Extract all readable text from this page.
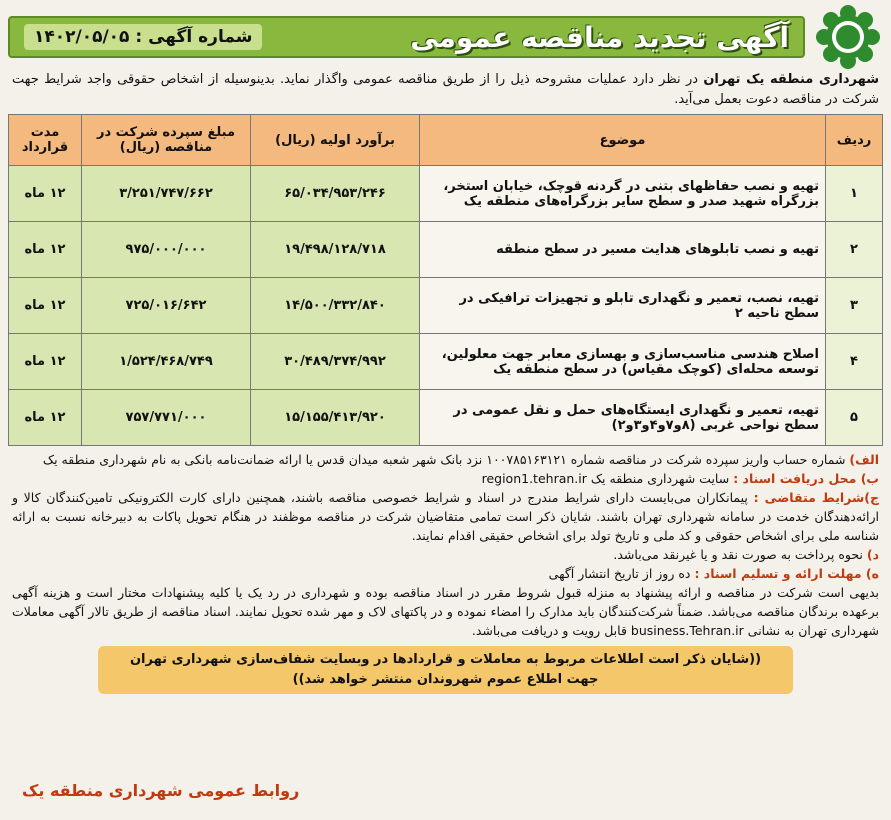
آگهی تجدید مناقصه عمومی
شماره آگهی : ۱۴۰۲/۰۵/۰۵
شهرداری منطقه یک تهران در نظر دارد عملیات مشروحه ذیل را از طریق مناقصه عمومی واگذار نماید. بدینوسیله از اشخاص حقوقی واجد شرایط جهت شرکت در مناقصه دعوت بعمل می‌آید.
ردیف	موضوع	برآورد اولیه (ریال)	مبلغ سپرده شرکت در مناقصه (ریال)	مدت قرارداد
۱	تهیه و نصب حفاظهای بتنی در گردنه قوچک، خیابان استخر، بزرگراه شهید صدر و سطح سایر بزرگراه‌های منطقه یک	۶۵/۰۳۴/۹۵۳/۲۴۶	۳/۲۵۱/۷۴۷/۶۶۲	۱۲ ماه
۲	تهیه و نصب تابلوهای هدایت مسیر در سطح منطقه	۱۹/۴۹۸/۱۲۸/۷۱۸	۹۷۵/۰۰۰/۰۰۰	۱۲ ماه
۳	تهیه، نصب، تعمیر و نگهداری تابلو و تجهیزات ترافیکی در سطح ناحیه ۲	۱۴/۵۰۰/۳۳۲/۸۴۰	۷۲۵/۰۱۶/۶۴۲	۱۲ ماه
۴	اصلاح هندسی مناسب‌سازی و بهسازی معابر جهت معلولین، توسعه محله‌ای (کوچک مقیاس) در سطح منطقه یک	۳۰/۴۸۹/۳۷۴/۹۹۲	۱/۵۲۴/۴۶۸/۷۴۹	۱۲ ماه
۵	تهیه، تعمیر و نگهداری ایستگاه‌های حمل و نقل عمومی در سطح نواحی غربی (۸و۷و۴و۳و۲)	۱۵/۱۵۵/۴۱۳/۹۲۰	۷۵۷/۷۷۱/۰۰۰	۱۲ ماه
الف) شماره حساب واریز سپرده شرکت در مناقصه شماره ۱۰۰۷۸۵۱۶۳۱۲۱ نزد بانک شهر شعبه میدان قدس یا ارائه ضمانت‌نامه بانکی به نام شهرداری منطقه یک
ب) محل دریافت اسناد : سایت شهرداری منطقه یک region1.tehran.ir
ج)شرایط متقاضی : پیمانکاران می‌بایست دارای شرایط مندرج در اسناد و شرایط خصوصی مناقصه باشند، همچنین دارای کارت الکترونیکی تامین‌کنندگان کالا و ارائه‌دهندگان خدمت در سامانه شهرداری تهران باشند. شایان ذکر است تمامی متقاضیان شرکت در مناقصه موظفند در هنگام تحویل پاکات به دبیرخانه نسبت به ارائه شناسه ملی برای اشخاص حقوقی و کد ملی و تاریخ تولد برای اشخاص حقیقی اقدام نمایند.
د) نحوه پرداخت به صورت نقد و یا غیرنقد می‌باشد.
ه) مهلت ارائه و تسلیم اسناد : ده روز از تاریخ انتشار آگهی
بدیهی است شرکت در مناقصه و ارائه پیشنهاد به منزله قبول شروط مقرر در اسناد مناقصه بوده و شهرداری در رد یک یا کلیه پیشنهادات مختار است و هزینه آگهی برعهده برندگان مناقصه می‌باشد. ضمناً شرکت‌کنندگان باید مدارک را امضاء نموده و در پاکتهای لاک و مهر شده تحویل نمایند. اسناد مناقصه از طریق تالار آگهی معاملات شهرداری تهران به نشانی business.Tehran.ir قابل رویت و دریافت می‌باشد.
((شایان ذکر است اطلاعات مربوط به معاملات و قراردادها در وبسایت شفاف‌سازی شهرداری تهران
جهت اطلاع عموم شهروندان منتشر خواهد شد))
روابط عمومی شهرداری منطقه یک
